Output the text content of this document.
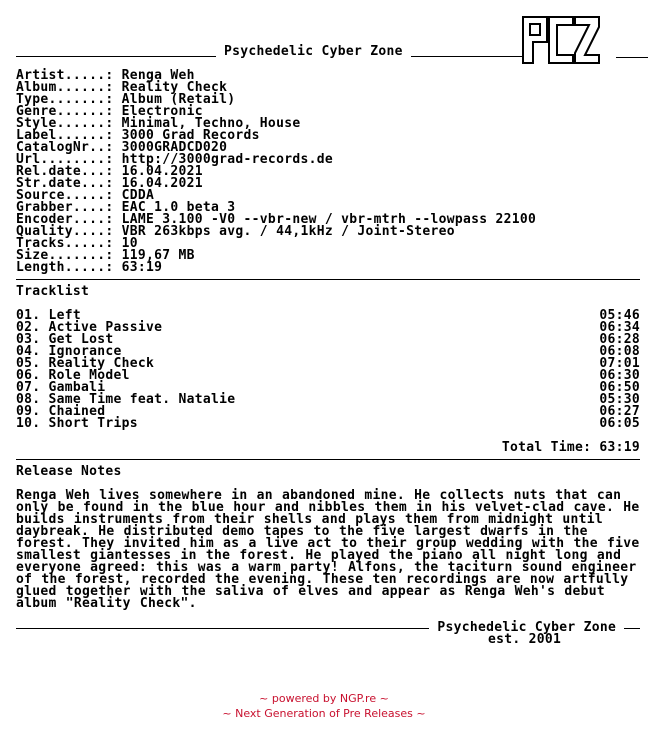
Psychedelic Cyber Zone
Artist.....: Renga Weh
Album......: Reality Check
Type.......: Album (Retail)
Genre......: Electronic
Style......: Minimal, Techno, House
Label......: 3000 Grad Records
CatalogNr..: 3000GRADCD020
Url........: http://3000grad-records.de
Rel.date...: 16.04.2021
Str.date...: 16.04.2021
Source.....: CDDA
Grabber....: EAC 1.0 beta 3
Encoder....: LAME 3.100 -V0 --vbr-new / vbr-mtrh --lowpass 22100
Quality....: VBR 263kbps avg. / 44,1kHz / Joint-Stereo
Tracks.....: 10
Size.......: 119,67 MB
Length.....: 63:19
Tracklist
01. Left	05:46
02. Active Passive	06:34
03. Get Lost	06:28
04. Ignorance	06:08
05. Reality Check	07:01
06. Role Model	06:30
07. Gambali	06:50
08. Same Time feat. Natalie	05:30
09. Chained	06:27
10. Short Trips	06:05
Total Time: 63:19
Release Notes
Renga Weh lives somewhere in an abandoned mine. He collects nuts that can only be found in the blue hour and nibbles them in his velvet-clad cave. He builds instruments from their shells and plays them from midnight until daybreak. He distributed demo tapes to the five largest dwarfs in the forest. They invited him as a live act to their group wedding with the five smallest giantesses in the forest. He played the piano all night long and everyone agreed: this was a warm party! Alfons, the taciturn sound engineer of the forest, recorded the evening. These ten recordings are now artfully glued together with the saliva of elves and appear as Renga Weh's debut album "Reality Check".
Psychedelic Cyber Zone
est. 2001
~ powered by NGP.re ~
~ Next Generation of Pre Releases ~
